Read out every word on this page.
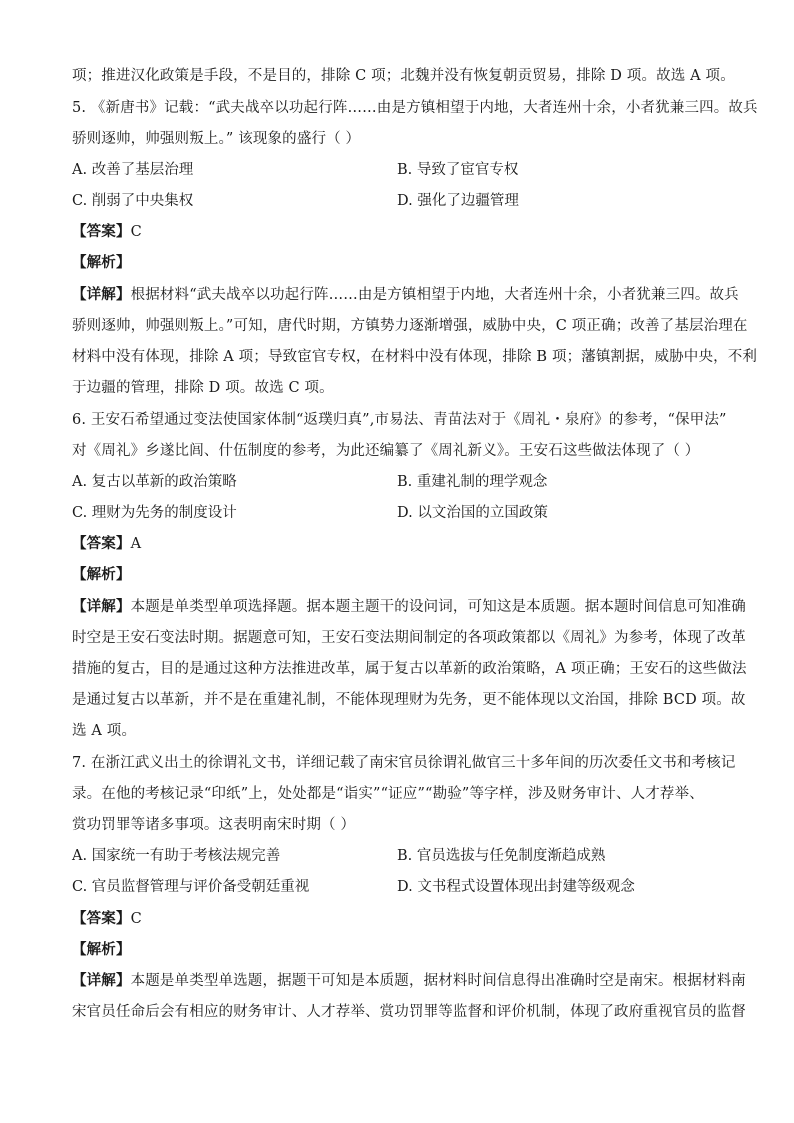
项；推进汉化政策是手段，不是目的，排除 C 项；北魏并没有恢复朝贡贸易，排除 D 项。故选 A 项。
5. 《新唐书》记载：“武夫战卒以功起行阵……由是方镇相望于内地，大者连州十余，小者犹兼三四。故兵
骄则逐帅，帅强则叛上。” 该现象的盛行（ ）
A. 改善了基层治理	B. 导致了宦官专权
C. 削弱了中央集权	D. 强化了边疆管理
【答案】C
【解析】
【详解】根据材料“武夫战卒以功起行阵……由是方镇相望于内地，大者连州十余，小者犹兼三四。故兵
骄则逐帅，帅强则叛上。”可知，唐代时期，方镇势力逐渐增强，威胁中央，C 项正确；改善了基层治理在
材料中没有体现，排除 A 项；导致宦官专权，在材料中没有体现，排除 B 项；藩镇割据，威胁中央，不利
于边疆的管理，排除 D 项。故选 C 项。
6. 王安石希望通过变法使国家体制“返璞归真”,市易法、青苗法对于《周礼・泉府》的参考，“保甲法”
对《周礼》乡遂比闾、什伍制度的参考，为此还编纂了《周礼新义》。王安石这些做法体现了（ ）
A. 复古以革新的政治策略	B. 重建礼制的理学观念
C. 理财为先务的制度设计	D. 以文治国的立国政策
【答案】A
【解析】
【详解】本题是单类型单项选择题。据本题主题干的设问词，可知这是本质题。据本题时间信息可知准确
时空是王安石变法时期。据题意可知，王安石变法期间制定的各项政策都以《周礼》为参考，体现了改革
措施的复古，目的是通过这种方法推进改革，属于复古以革新的政治策略，A 项正确；王安石的这些做法
是通过复古以革新，并不是在重建礼制，不能体现理财为先务，更不能体现以文治国，排除 BCD 项。故
选 A 项。
7. 在浙江武义出土的徐谓礼文书，详细记载了南宋官员徐谓礼做官三十多年间的历次委任文书和考核记
录。在他的考核记录“印纸”上，处处都是“诣实”“证应”“勘验”等字样，涉及财务审计、人才荐举、
赏功罚罪等诸多事项。这表明南宋时期（ ）
A. 国家统一有助于考核法规完善	B. 官员选拔与任免制度渐趋成熟
C. 官员监督管理与评价备受朝廷重视	D. 文书程式设置体现出封建等级观念
【答案】C
【解析】
【详解】本题是单类型单选题，据题干可知是本质题，据材料时间信息得出准确时空是南宋。根据材料南
宋官员任命后会有相应的财务审计、人才荐举、赏功罚罪等监督和评价机制，体现了政府重视官员的监督
